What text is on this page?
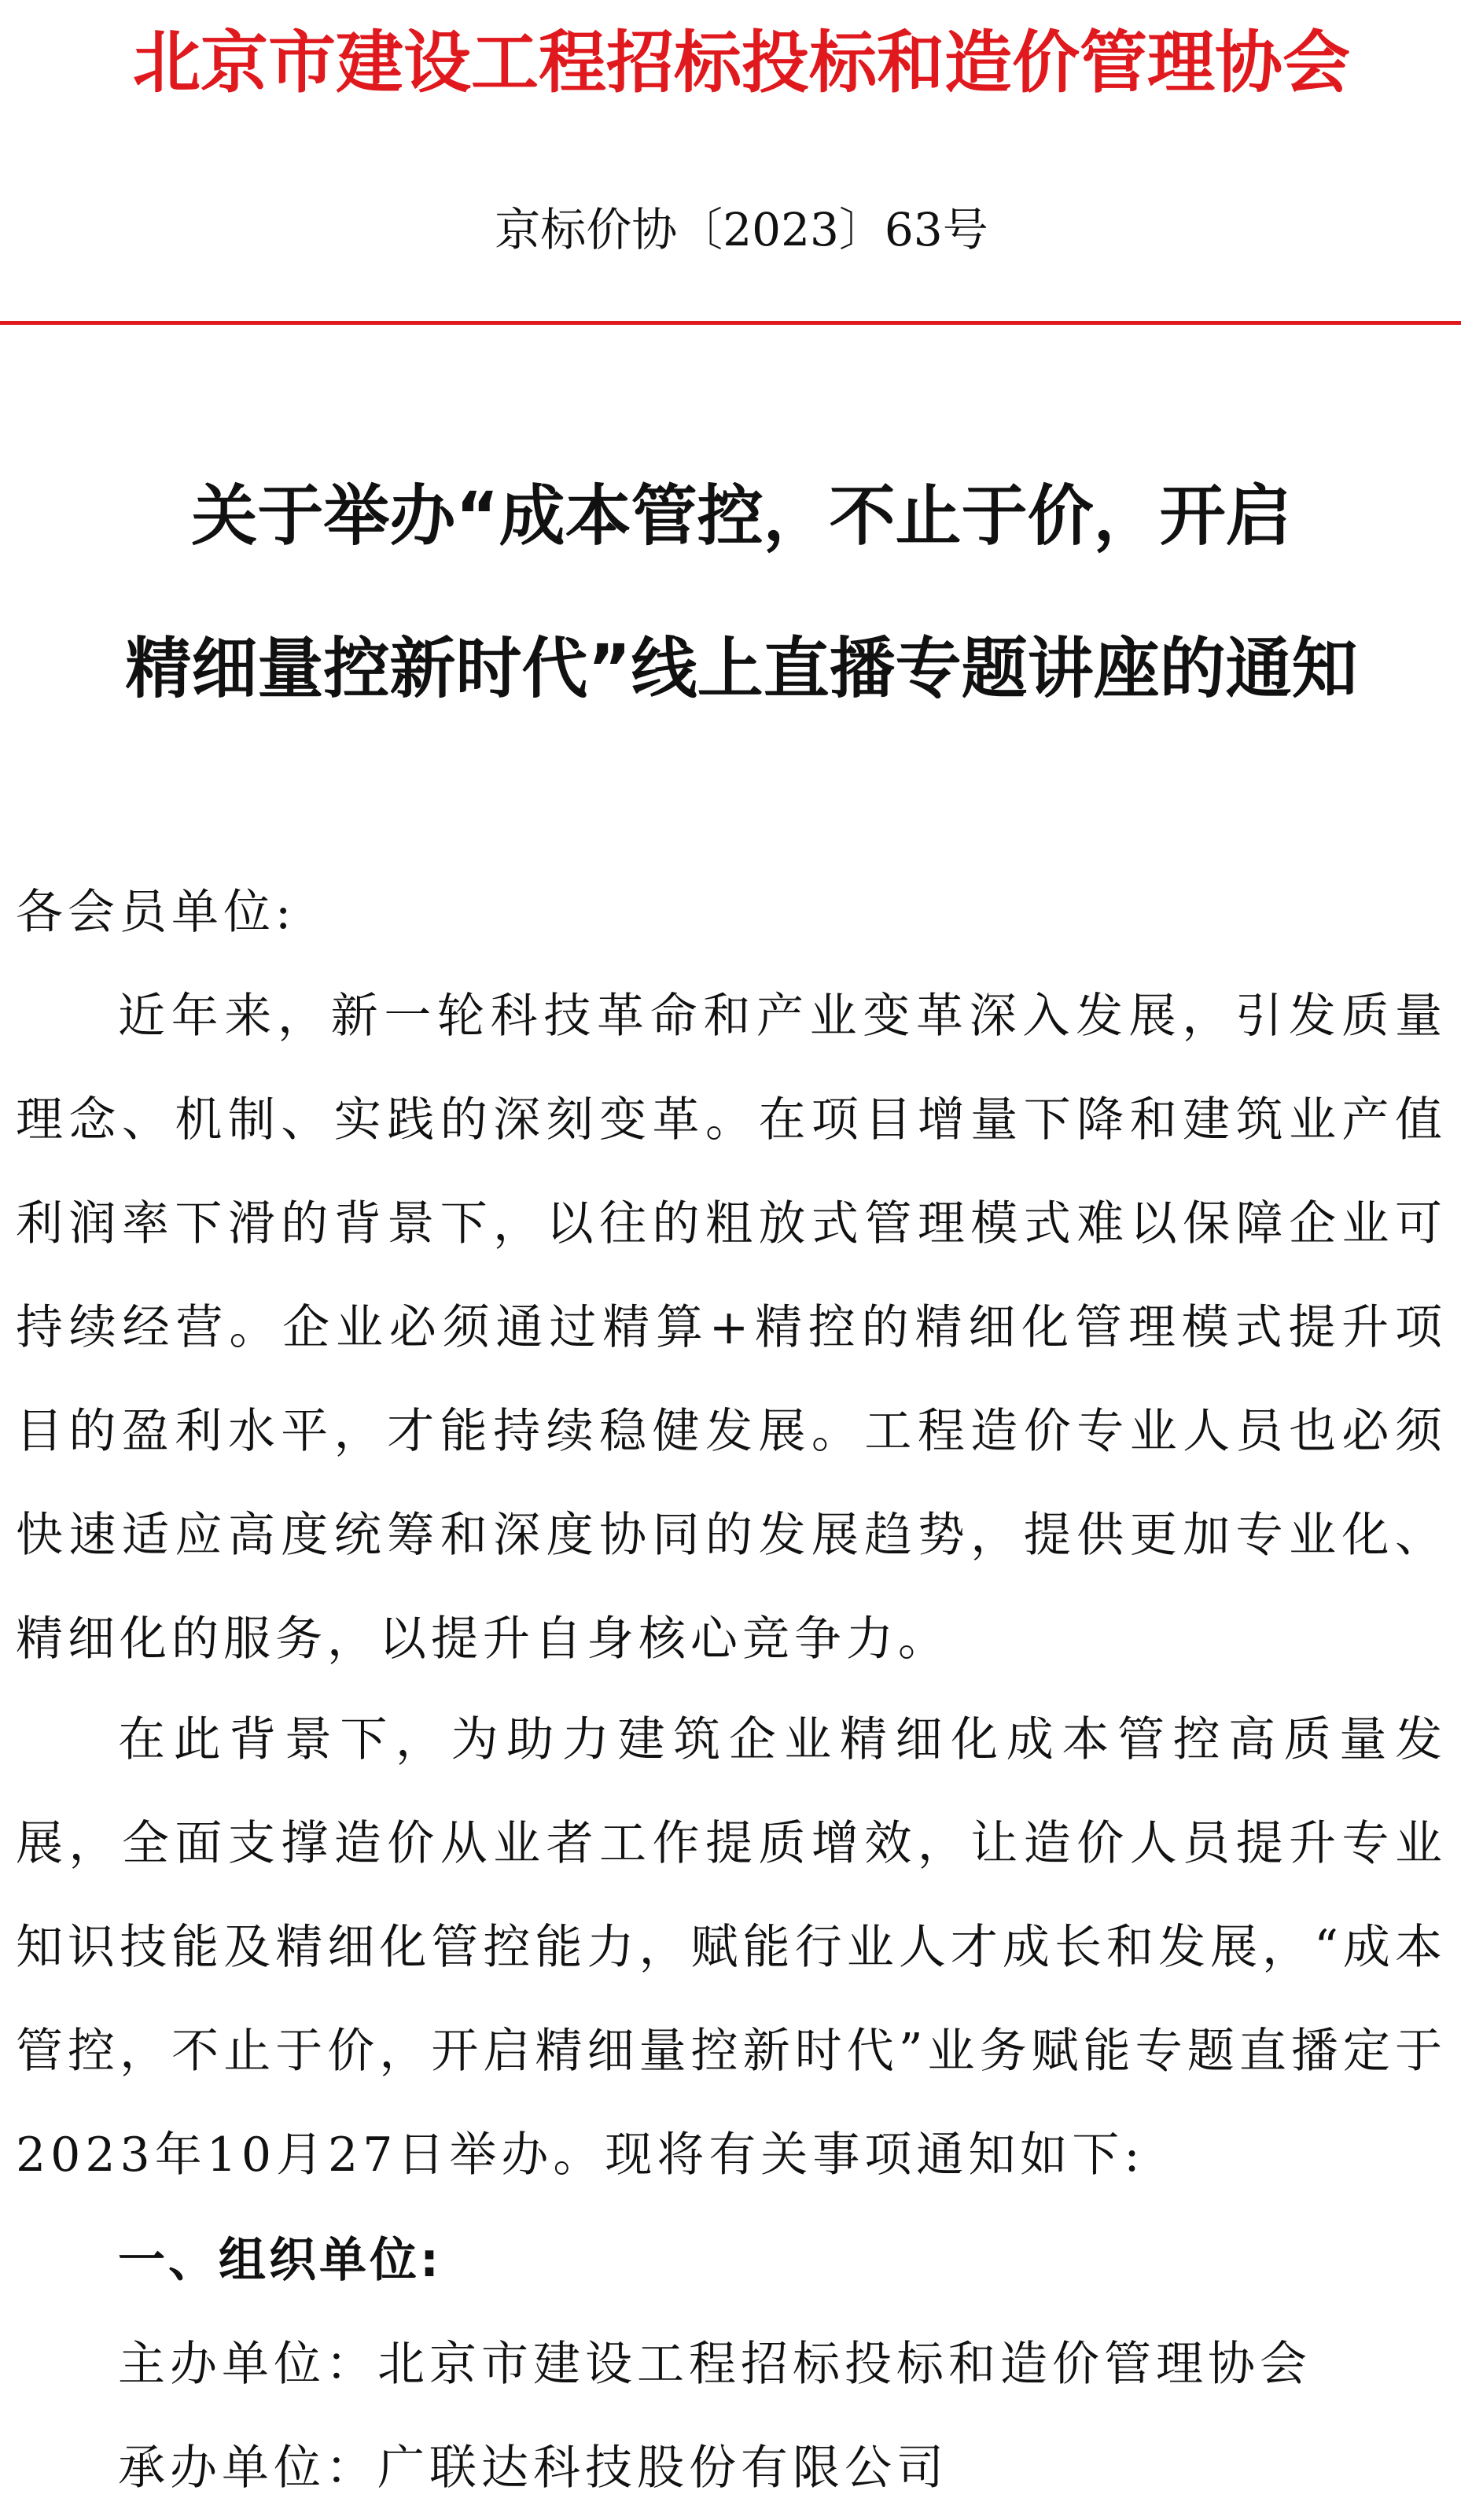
北京市建设工程招标投标和造价管理协会
京标价协〔2023〕63号
关于举办“成本管控，不止于价，开启
精细量控新时代”线上直播专题讲座的通知
各会员单位:

近年来，新一轮科技革命和产业变革深入发展，引发质量理念、机制、实践的深刻变革。在项目增量下降和建筑业产值利润率下滑的背景下，以往的粗放式管理模式难以保障企业可持续经营。企业必须通过精算+精控的精细化管理模式提升项目的盈利水平，才能持续稳健发展。工程造价专业人员也必须快速适应高度统筹和深度协同的发展趋势，提供更加专业化、精细化的服务，以提升自身核心竞争力。

在此背景下，为助力建筑企业精细化成本管控高质量发展，全面支撑造价从业者工作提质增效，让造价人员提升专业知识技能及精细化管控能力，赋能行业人才成长和发展，“成本管控，不止于价，开启精细量控新时代”业务赋能专题直播定于2023年10月27日举办。现将有关事项通知如下:

一、组织单位:
主办单位：北京市建设工程招标投标和造价管理协会
承办单位：广联达科技股份有限公司
